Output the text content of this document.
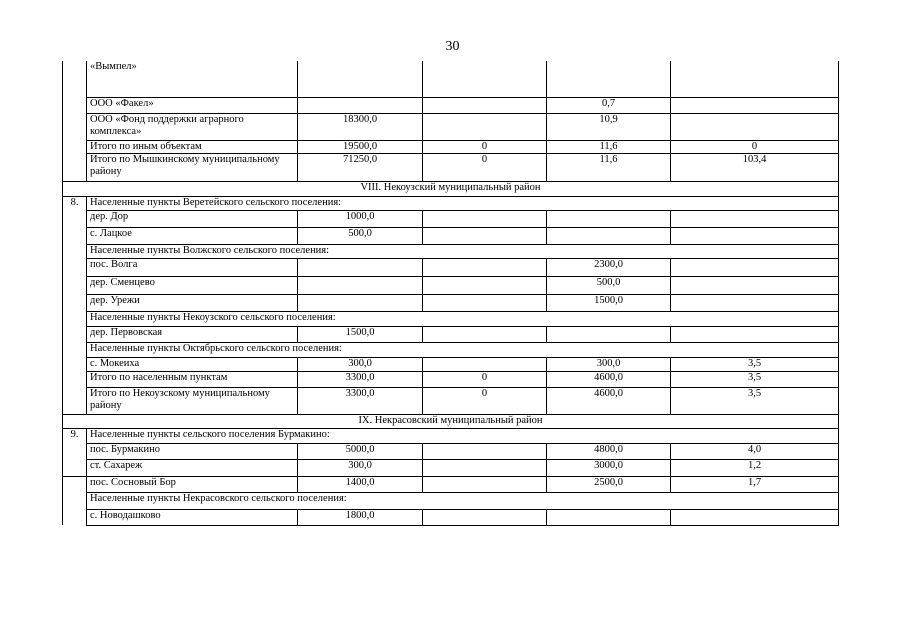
30
	«Вымпел»				
	ООО «Факел»			0,7	
	ООО «Фонд поддержки аграрного комплекса»	18300,0		10,9	
	Итого по иным объектам	19500,0	0	11,6	0
	Итого по Мышкинскому муниципальному району	71250,0	0	11,6	103,4
VIII. Некоузский муниципальный район					
8.	Населенные пункты Веретейского сельского поселения:				
	дер. Дор	1000,0			
	с. Лацкое	500,0			
	Населенные пункты Волжского сельского поселения:				
	пос. Волга			2300,0	
	дер. Сменцево			500,0	
	дер. Урежи			1500,0	
	Населенные пункты Некоузского сельского поселения:				
	дер. Первовская	1500,0			
	Населенные пункты Октябрьского сельского поселения:				
	с. Мокеиха	300,0		300,0	3,5
	Итого по населенным пунктам	3300,0	0	4600,0	3,5
	Итого по Некоузскому муниципальному району	3300,0	0	4600,0	3,5
IX. Некрасовский муниципальный район					
9.	Населенные пункты сельского поселения Бурмакино:				
	пос. Бурмакино	5000,0		4800,0	4,0
	ст. Сахареж	300,0		3000,0	1,2
	пос. Сосновый Бор	1400,0		2500,0	1,7
	Населенные пункты Некрасовского сельского поселения:				
	с. Новодашково	1800,0			
